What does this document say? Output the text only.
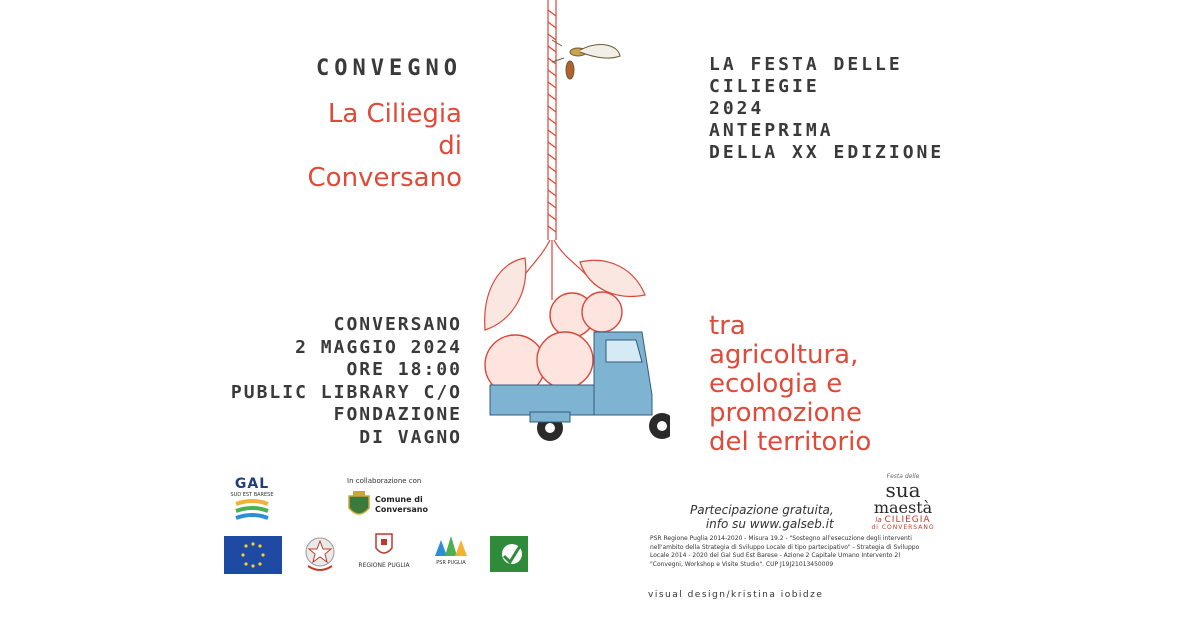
CONVEGNO
La Ciliegia
di
Conversano
LA FESTA DELLE
CILIEGIE
2024
ANTEPRIMA
DELLA XX EDIZIONE
CONVERSANO
2 MAGGIO 2024
ORE 18:00
PUBLIC LIBRARY C/O
FONDAZIONE
DI VAGNO
tra
agricoltura,
ecologia e
promozione
del territorio
GAL
SUD EST BARESE
In collaborazione con
Comune di
Conversano
REGIONE PUGLIA	PSR PUGLIA
Partecipazione gratuita,
info su www.galseb.it
Festa delle
sua
maestà
la CILIEGIA
di CONVERSANO
PSR Regione Puglia 2014-2020 - Misura 19.2 - "Sostegno all'esecuzione degli interventi
nell'ambito della Strategia di Sviluppo Locale di tipo partecipativo" - Strategia di Sviluppo
Locale 2014 - 2020 del Gal Sud Est Barese - Azione 2 Capitale Umano Intervento 2)
"Convegni, Workshop e Visite Studio". CUP J19J21013450009
visual design/kristina iobidze
